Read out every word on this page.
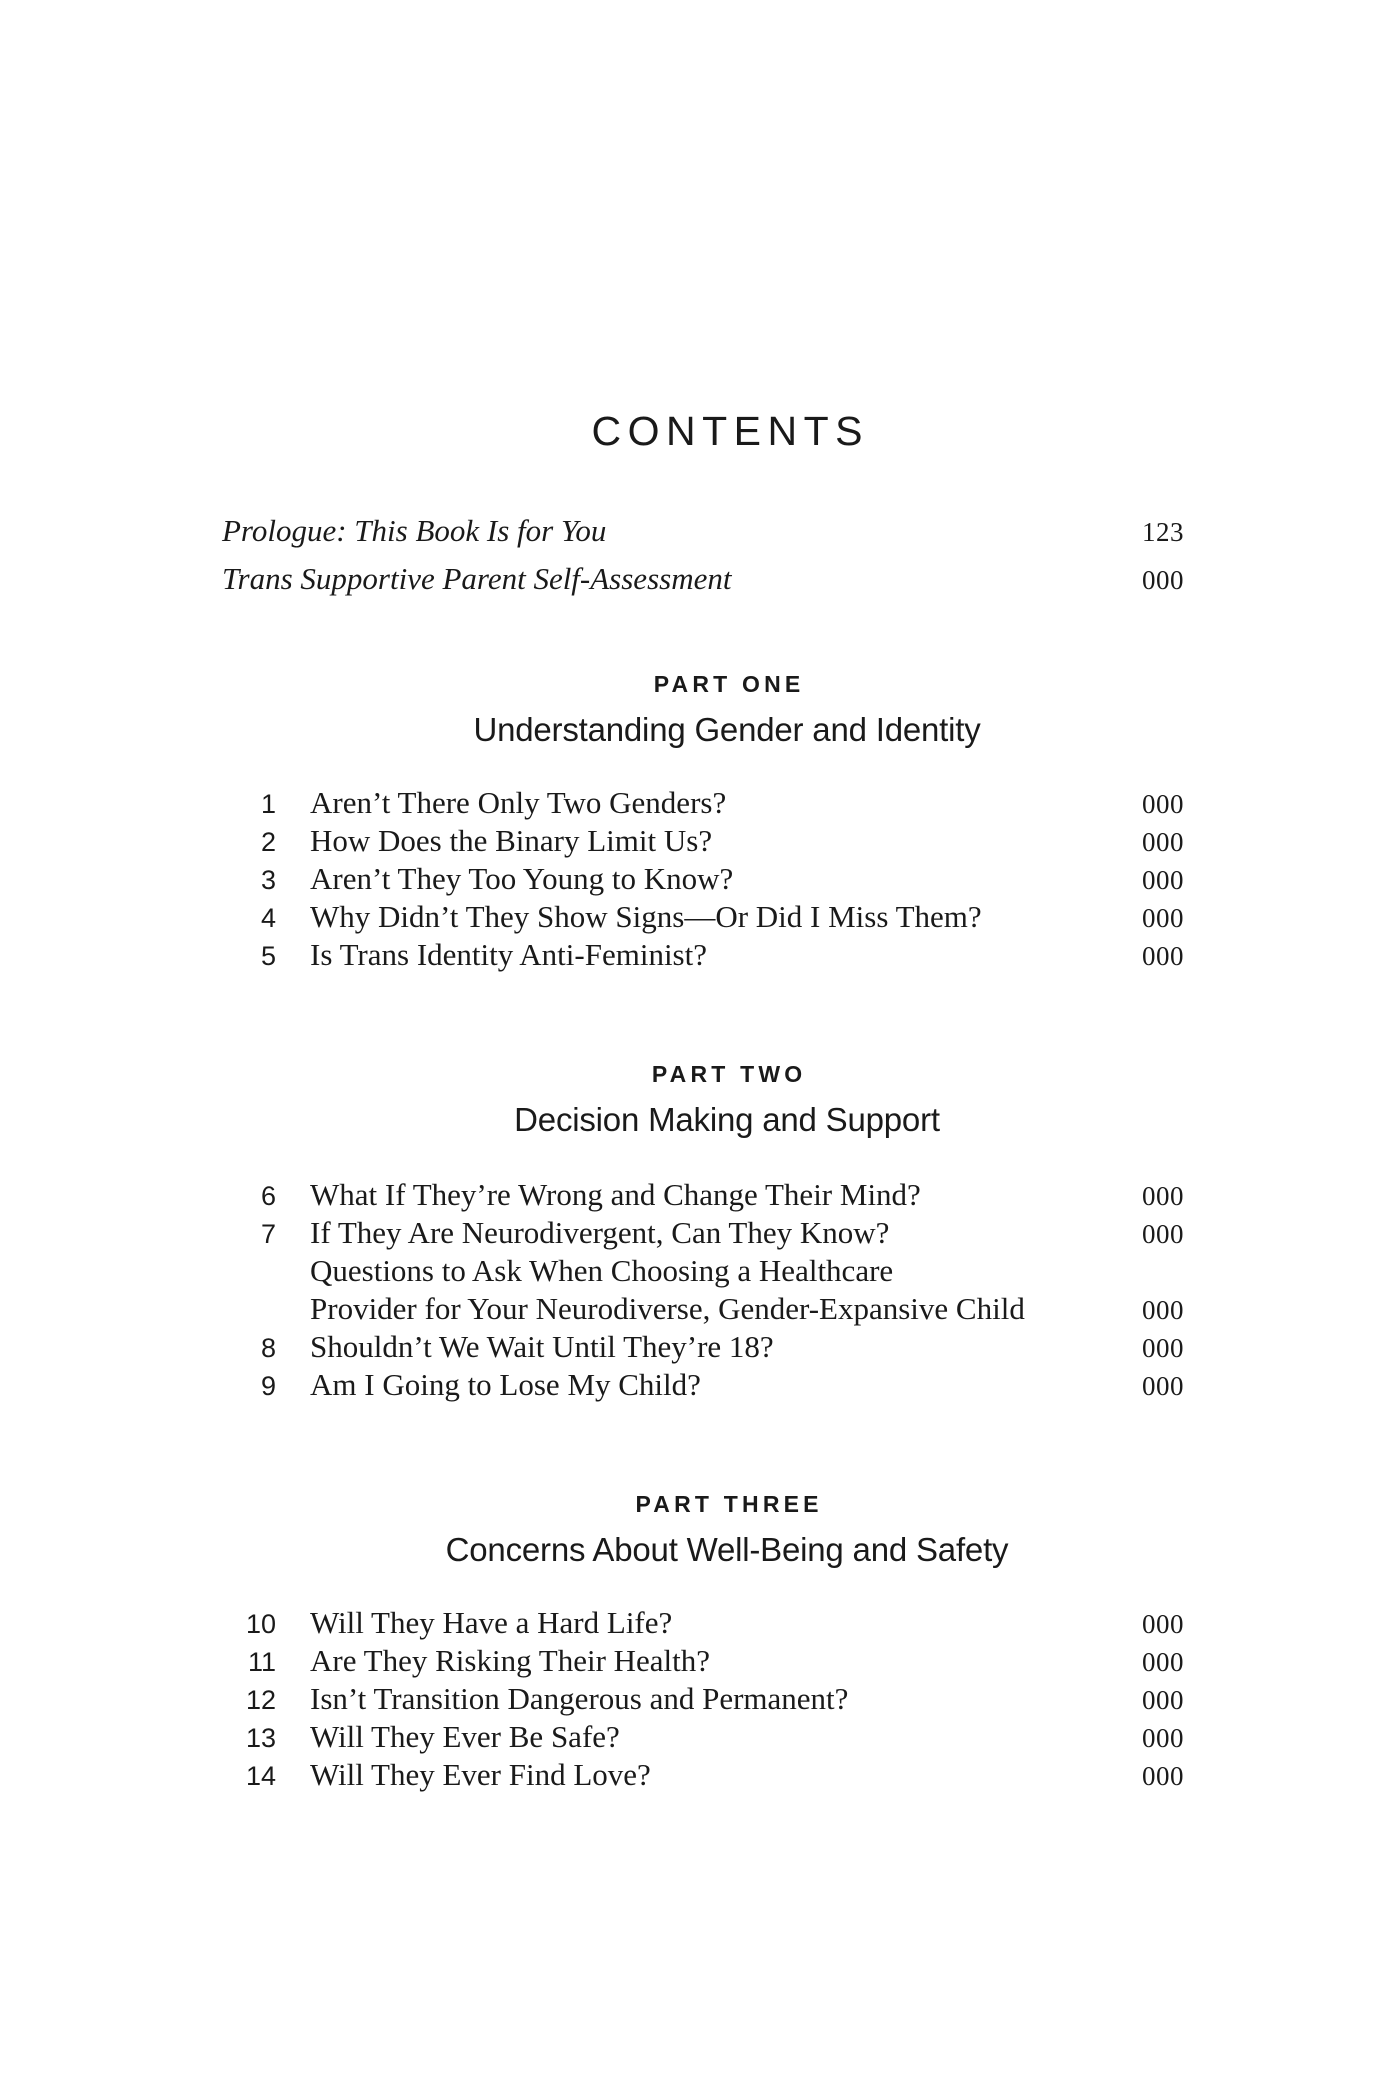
CONTENTS
Prologue: This Book Is for You	123
Trans Supportive Parent Self-Assessment	000
PART ONE
Understanding Gender and Identity
1 Aren’t There Only Two Genders?	000
2 How Does the Binary Limit Us?	000
3 Aren’t They Too Young to Know?	000
4 Why Didn’t They Show Signs—Or Did I Miss Them?	000
5 Is Trans Identity Anti-Feminist?	000
PART TWO
Decision Making and Support
6 What If They’re Wrong and Change Their Mind?	000
7 If They Are Neurodivergent, Can They Know?	000
Questions to Ask When Choosing a Healthcare
Provider for Your Neurodiverse, Gender-Expansive Child	000
8 Shouldn’t We Wait Until They’re 18?	000
9 Am I Going to Lose My Child?	000
PART THREE
Concerns About Well-Being and Safety
10 Will They Have a Hard Life?	000
11 Are They Risking Their Health?	000
12 Isn’t Transition Dangerous and Permanent?	000
13 Will They Ever Be Safe?	000
14 Will They Ever Find Love?	000
